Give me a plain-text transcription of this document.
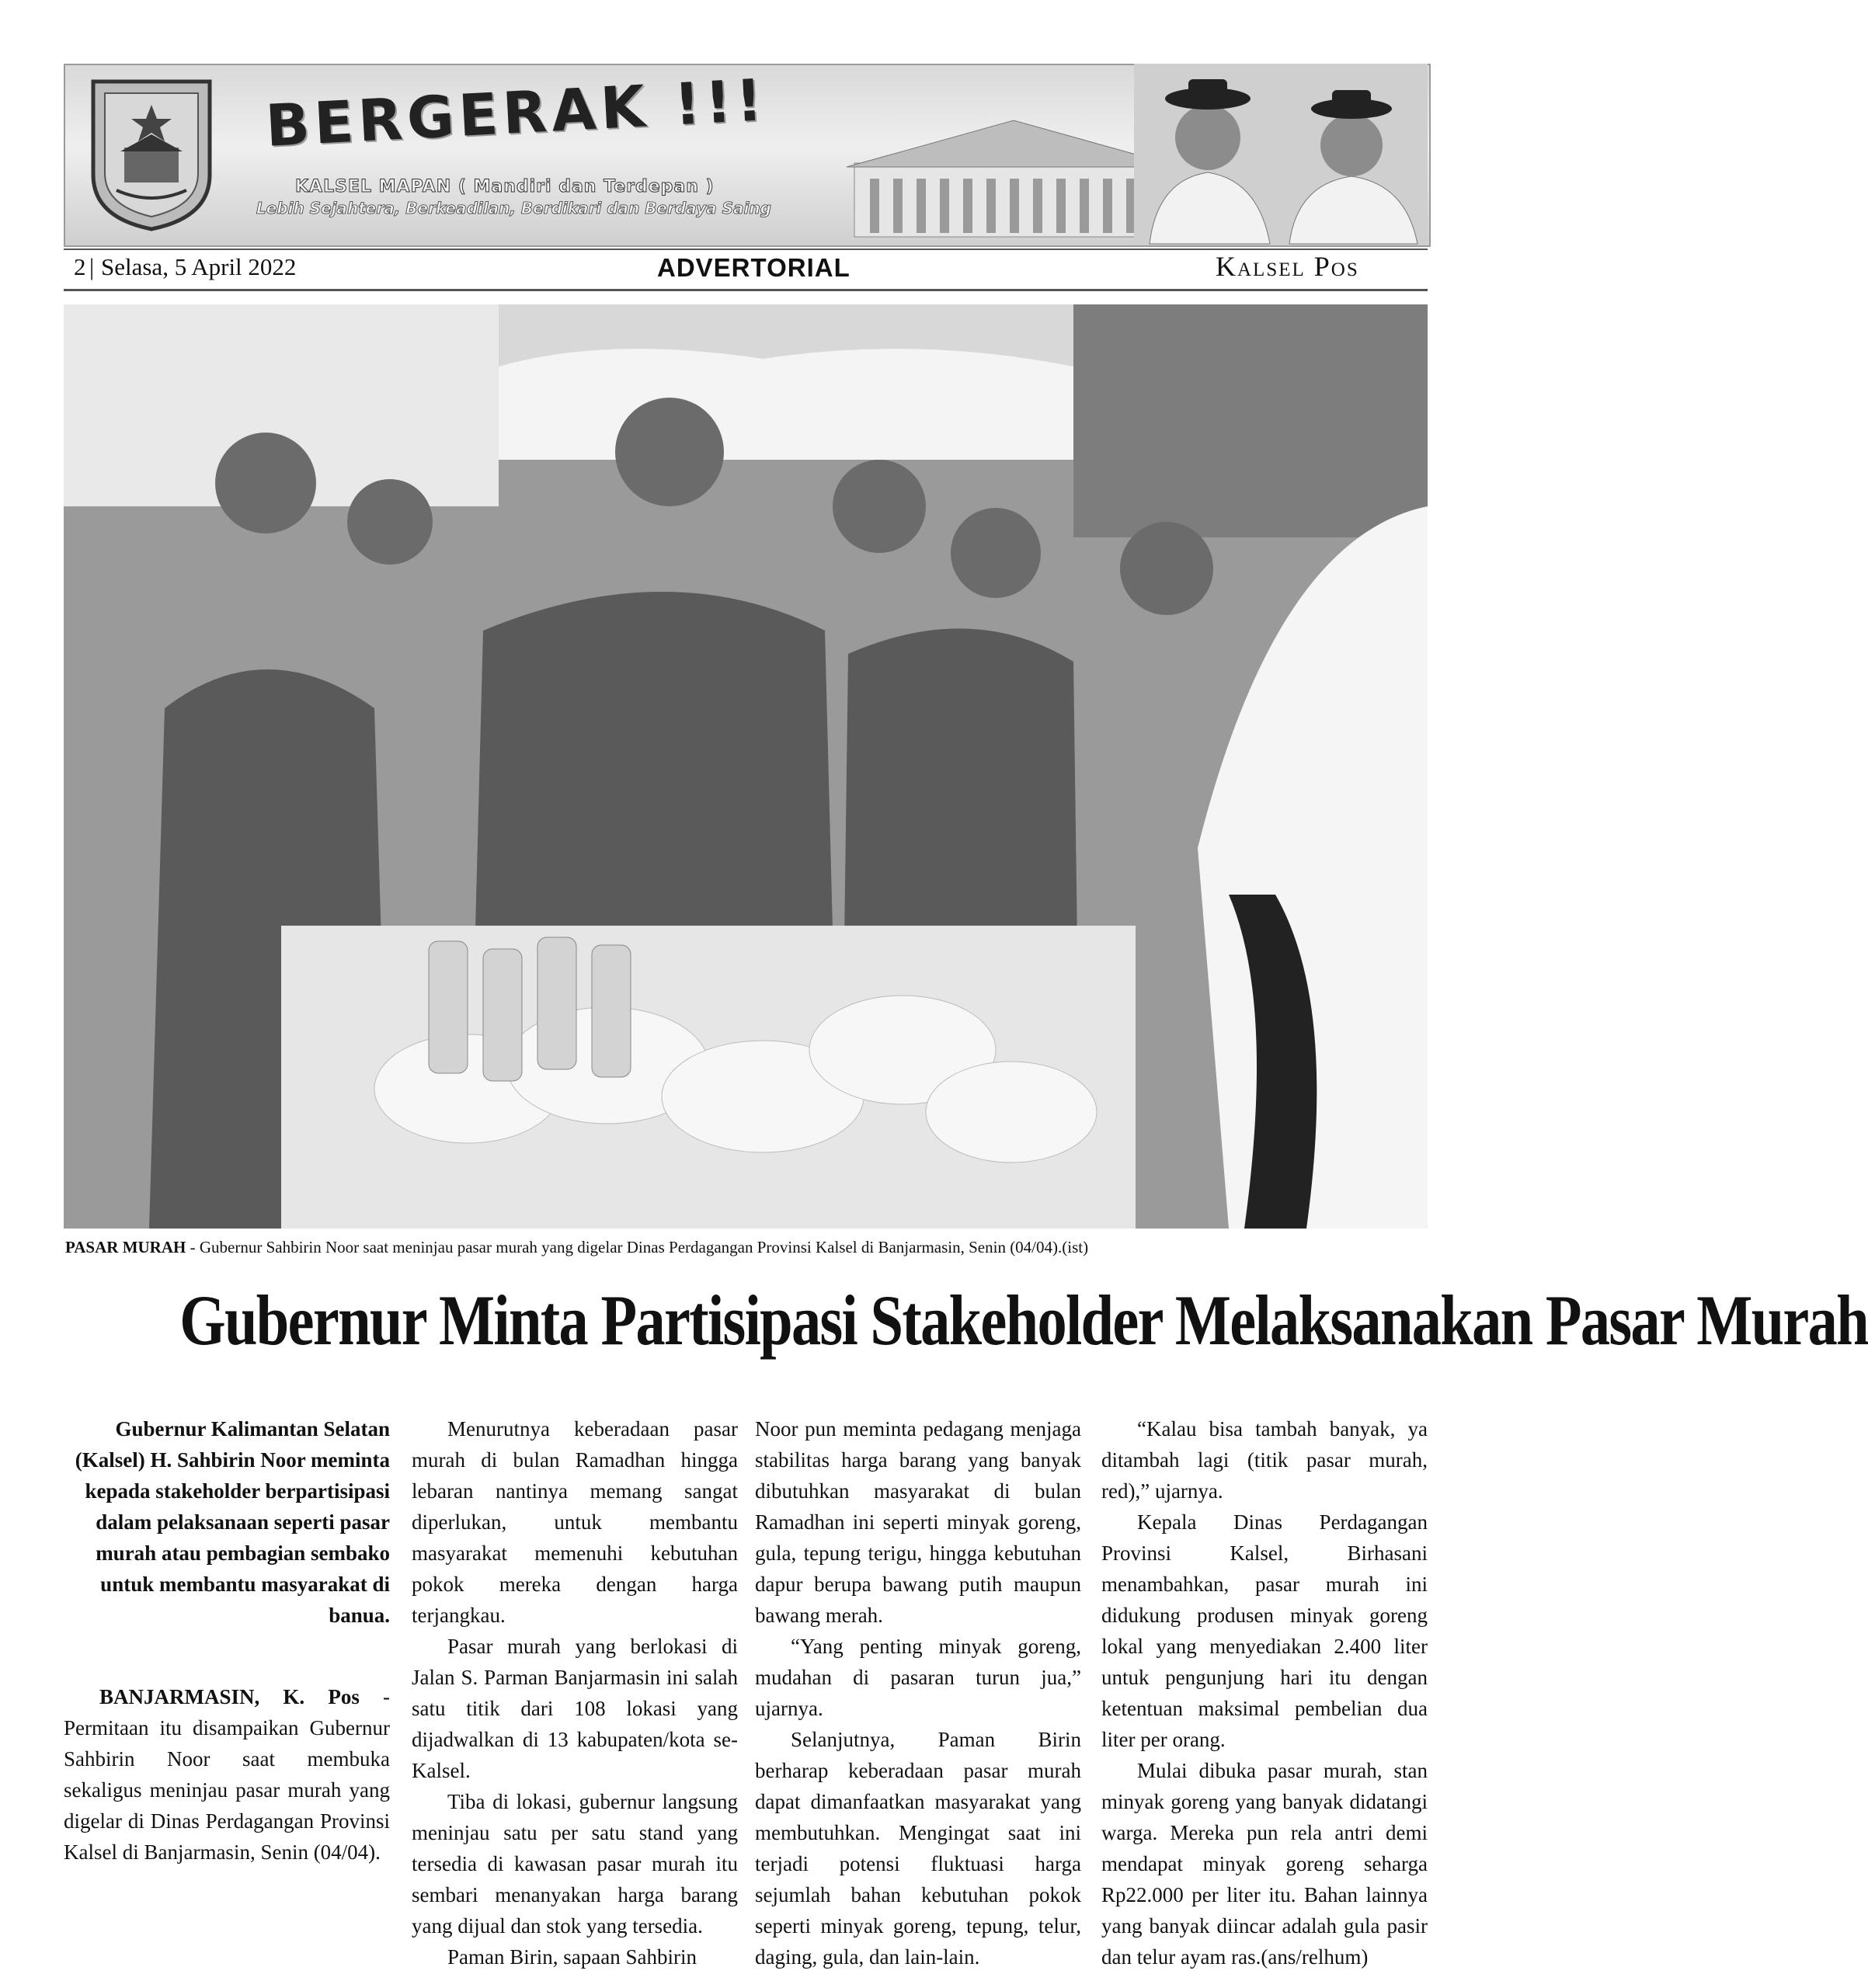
BERGERAK !!!
KALSEL MAPAN ( Mandiri dan Terdepan )
Lebih Sejahtera, Berkeadilan, Berdikari dan Berdaya Saing
2 | Selasa, 5 April 2022	ADVERTORIAL	Kalsel Pos
PASAR MURAH - Gubernur Sahbirin Noor saat meninjau pasar murah yang digelar Dinas Perdagangan Provinsi Kalsel di Banjarmasin, Senin (04/04).(ist)
Gubernur Minta Partisipasi Stakeholder Melaksanakan Pasar Murah
Gubernur Kalimantan Selatan (Kalsel) H. Sahbirin Noor meminta kepada stakeholder berpartisipasi dalam pelaksanaan seperti pasar murah atau pembagian sembako untuk membantu masyarakat di banua.

BANJARMASIN, K. Pos - Permitaan itu disampaikan Gubernur Sahbirin Noor saat membuka sekaligus meninjau pasar murah yang digelar di Dinas Perdagangan Provinsi Kalsel di Banjarmasin, Senin (04/04).

Menurutnya keberadaan pasar murah di bulan Ramadhan hingga lebaran nantinya memang sangat diperlukan, untuk membantu masyarakat memenuhi kebutuhan pokok mereka dengan harga terjangkau.

Pasar murah yang berlokasi di Jalan S. Parman Banjarmasin ini salah satu titik dari 108 lokasi yang dijadwalkan di 13 kabupaten/kota se-Kalsel.

Tiba di lokasi, gubernur langsung meninjau satu per satu stand yang tersedia di kawasan pasar murah itu sembari menanyakan harga barang yang dijual dan stok yang tersedia.

Paman Birin, sapaan Sahbirin

Noor pun meminta pedagang menjaga stabilitas harga barang yang banyak dibutuhkan masyarakat di bulan Ramadhan ini seperti minyak goreng, gula, tepung terigu, hingga kebutuhan dapur berupa bawang putih maupun bawang merah.

“Yang penting minyak goreng, mudahan di pasaran turun jua,” ujarnya.

Selanjutnya, Paman Birin berharap keberadaan pasar murah dapat dimanfaatkan masyarakat yang membutuhkan. Mengingat saat ini terjadi potensi fluktuasi harga sejumlah bahan kebutuhan pokok seperti minyak goreng, tepung, telur, daging, gula, dan lain-lain.

“Kalau bisa tambah banyak, ya ditambah lagi (titik pasar murah, red),” ujarnya.

Kepala Dinas Perdagangan Provinsi Kalsel, Birhasani menambahkan, pasar murah ini didukung produsen minyak goreng lokal yang menyediakan 2.400 liter untuk pengunjung hari itu dengan ketentuan maksimal pembelian dua liter per orang.

Mulai dibuka pasar murah, stan minyak goreng yang banyak didatangi warga. Mereka pun rela antri demi mendapat minyak goreng seharga Rp22.000 per liter itu. Bahan lainnya yang banyak diincar adalah gula pasir dan telur ayam ras.(ans/relhum)
